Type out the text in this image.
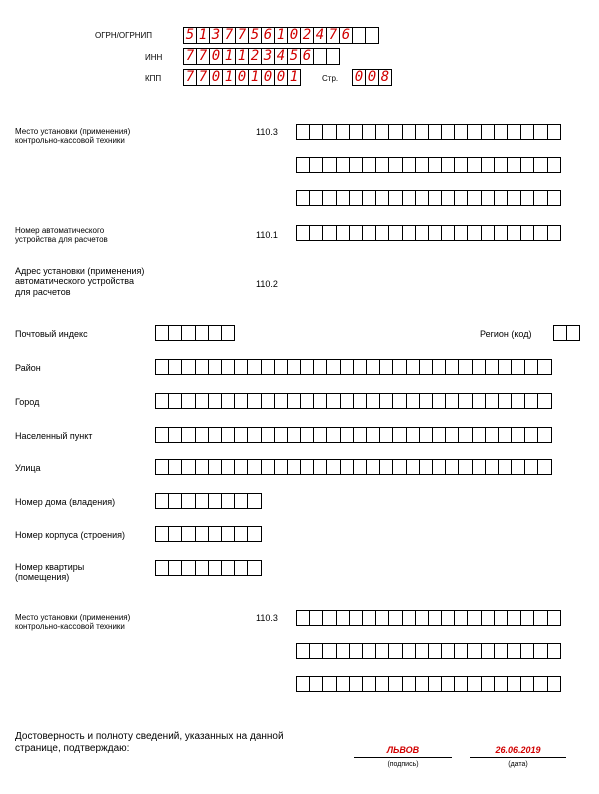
ОГРН/ОГРНИП 5 1 3 7 7 5 6 1 0 2 4 7 6
ИНН 7 7 0 1 1 2 3 4 5 6
КПП 7 7 0 1 0 1 0 0 1	Стр. 0 0 8
Место установки (применения)
контрольно-кассовой техники
110.3
Номер автоматического
устройства для расчетов	110.1
Адрес установки (применения)
автоматического устройства
для расчетов
110.2
Почтовый индекс	Регион (код)
Район
Город
Населенный пункт
Улица
Номер дома (владения)
Номер корпуса (строения)
Номер квартиры
(помещения)
Место установки (применения)
контрольно-кассовой техники
110.3
Достоверность и полноту сведений, указанных на данной
странице, подтверждаю:	ЛЬВОВ
(подпись)
26.06.2019
(дата)
